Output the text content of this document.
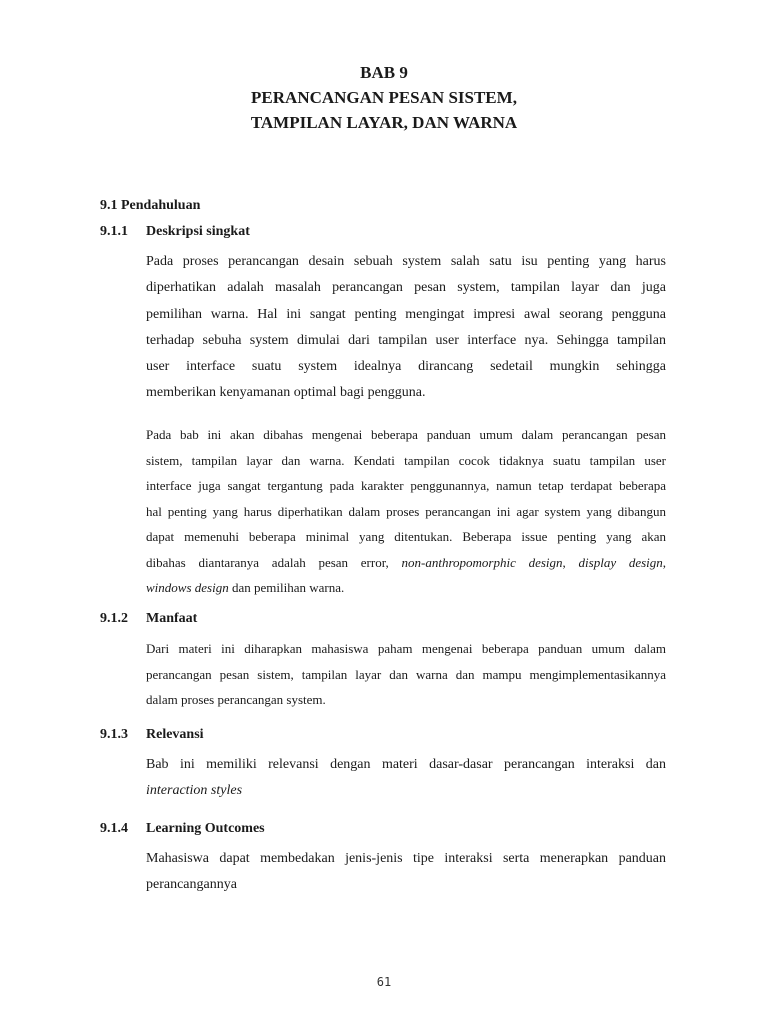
BAB 9
PERANCANGAN PESAN SISTEM,
TAMPILAN LAYAR, DAN WARNA
9.1 Pendahuluan
9.1.1 Deskripsi singkat
Pada proses perancangan desain sebuah system salah satu isu penting yang harus
diperhatikan adalah masalah perancangan pesan system, tampilan layar dan juga
pemilihan warna. Hal ini sangat penting mengingat impresi awal seorang pengguna
terhadap sebuha system dimulai dari tampilan user interface nya. Sehingga tampilan
user interface suatu system idealnya dirancang sedetail mungkin sehingga
memberikan kenyamanan optimal bagi pengguna.
Pada bab ini akan dibahas mengenai beberapa panduan umum dalam perancangan pesan
sistem, tampilan layar dan warna. Kendati tampilan cocok tidaknya suatu tampilan user
interface juga sangat tergantung pada karakter penggunannya, namun tetap terdapat beberapa
hal penting yang harus diperhatikan dalam proses perancangan ini agar system yang dibangun
dapat memenuhi beberapa minimal yang ditentukan. Beberapa issue penting yang akan
dibahas diantaranya adalah pesan error, non-anthropomorphic design, display design,
windows design dan pemilihan warna.
9.1.2 Manfaat
Dari materi ini diharapkan mahasiswa paham mengenai beberapa panduan umum dalam
perancangan pesan sistem, tampilan layar dan warna dan mampu mengimplementasikannya
dalam proses perancangan system.
9.1.3 Relevansi
Bab ini memiliki relevansi dengan materi dasar-dasar perancangan interaksi dan
interaction styles
9.1.4 Learning Outcomes
Mahasiswa dapat membedakan jenis-jenis tipe interaksi serta menerapkan panduan
perancangannya
61
